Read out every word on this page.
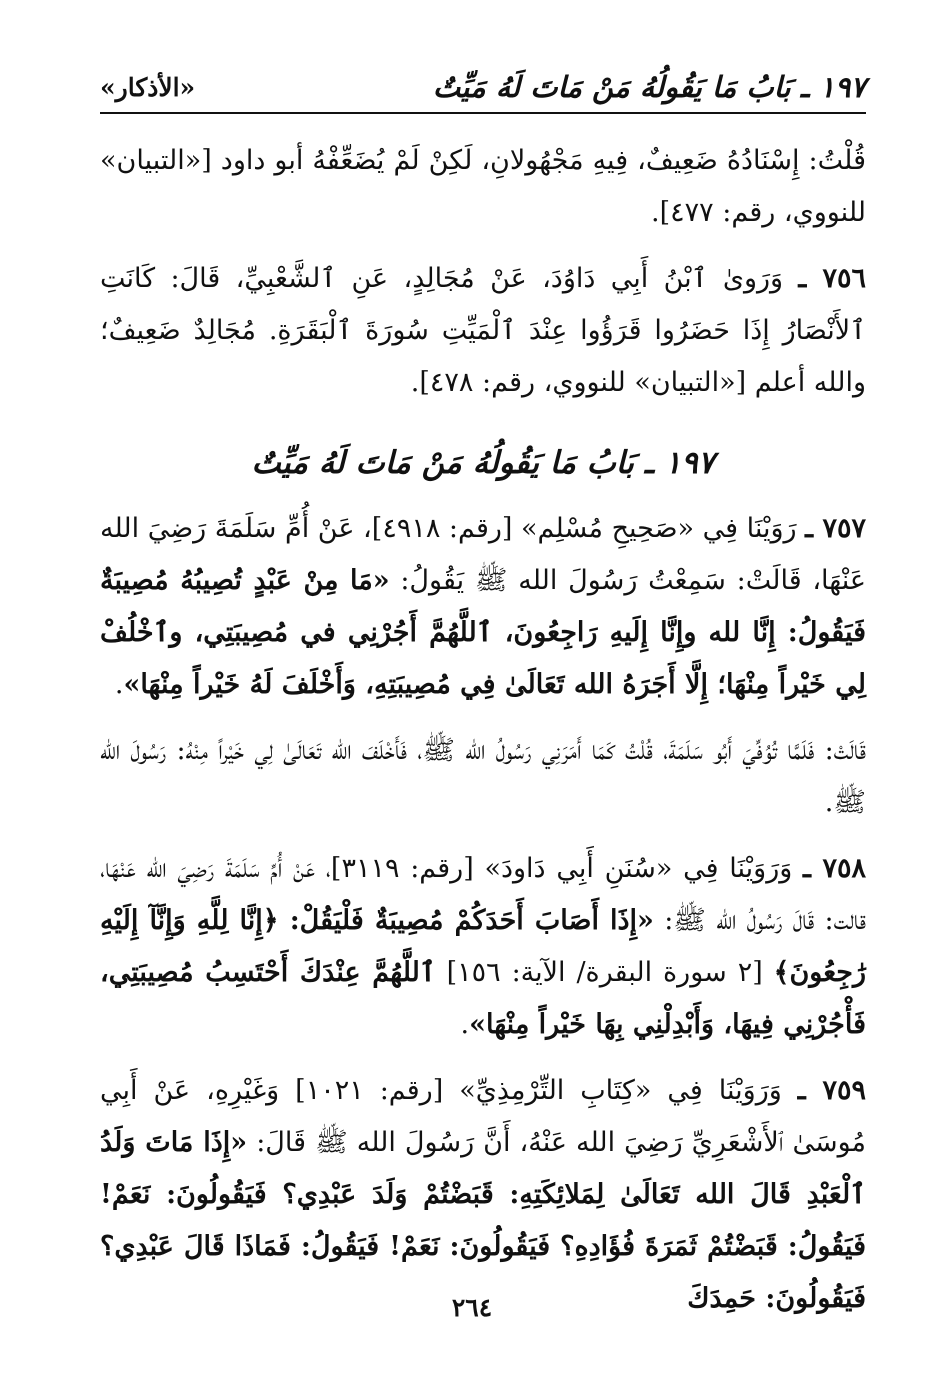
١٩٧ ـ بَابُ مَا يَقُولُهُ مَنْ مَاتَ لَهُ مَيِّتٌ
«الأذكار»

قُلْتُ: إِسْنَادُهُ ضَعِيفٌ، فِيهِ مَجْهُولانِ، لَكِنْ لَمْ يُضَعِّفْهُ أبو داود [«التبيان» للنووي، رقم: ٤٧٧].

٧٥٦ ـ وَرَوىٰ ٱبْنُ أَبِي دَاوُدَ، عَنْ مُجَالِدٍ، عَنِ ٱلشَّعْبِيِّ، قَالَ: كَانَتِ ٱلأَنْصَارُ إِذَا حَضَرُوا قَرَؤُوا عِنْدَ ٱلْمَيِّتِ سُورَةَ ٱلْبَقَرَةِ. مُجَالِدٌ ضَعِيفٌ؛ والله أعلم [«التبيان» للنووي، رقم: ٤٧٨].

١٩٧ ـ بَابُ مَا يَقُولُهُ مَنْ مَاتَ لَهُ مَيِّتٌ

٧٥٧ ـ رَوَيْنَا فِي «صَحِيحِ مُسْلِم» [رقم: ٤٩١٨]، عَنْ أُمِّ سَلَمَةَ رَضِيَ الله عَنْهَا، قَالَتْ: سَمِعْتُ رَسُولَ الله ﷺ يَقُولُ: «مَا مِنْ عَبْدٍ تُصِيبُهُ مُصِيبَةٌ فَيَقُولُ: إِنَّا لله وإِنَّا إِلَيهِ رَاجِعُونَ، ٱللَّهُمَّ أَجُرْنِي في مُصِيبَتِي، وٱخْلُفْ لِي خَيْراً مِنْهَا؛ إِلَّا أَجَرَهُ الله تَعَالَىٰ فِي مُصِيبَتِهِ، وَأَخْلَفَ لَهُ خَيْراً مِنْهَا».

قَالَتْ: فَلَمَّا تُوُفِّيَ أَبُو سَلَمَةَ، قُلْتُ كَمَا أَمَرَنِي رَسُولُ الله ﷺ، فَأَخْلَفَ الله تَعَالَىٰ لِي خَيْراً مِنْهُ: رَسُولَ الله ﷺ.

٧٥٨ ـ وَرَوَيْنَا فِي «سُنَنِ أَبِي دَاودَ» [رقم: ٣١١٩]، عَنْ أُمِّ سَلَمَةَ رَضِيَ الله عَنْهَا، قالت: قَالَ رَسُولُ الله ﷺ: «إِذَا أَصَابَ أَحَدَكُمْ مُصِيبَةٌ فَلْيَقُلْ: ﴿إِنَّا لِلَّهِ وَإِنَّآ إِلَيْهِ رَٰجِعُونَ﴾ [٢ سورة البقرة/ الآية: ١٥٦] ٱللَّهُمَّ عِنْدَكَ أَحْتَسِبُ مُصِيبَتِي، فَأْجُرْنِي فِيهَا، وَأَبْدِلْنِي بِهَا خَيْراً مِنْهَا».

٧٥٩ ـ وَرَوَيْنَا فِي «كِتَابِ التِّرْمِذِيِّ» [رقم: ١٠٢١] وَغَيْرِهِ، عَنْ أَبِي مُوسَىٰ ٱلأَشْعَرِيِّ رَضِيَ الله عَنْهُ، أَنَّ رَسُولَ الله ﷺ قَالَ: «إِذَا مَاتَ وَلَدُ ٱلْعَبْدِ قَالَ الله تَعَالَىٰ لِمَلائِكَتِهِ: قَبَضْتُمْ وَلَدَ عَبْدِي؟ فَيَقُولُونَ: نَعَمْ! فَيَقُولُ: قَبَضْتُمْ ثَمَرَةَ فُؤَادِهِ؟ فَيَقُولُونَ: نَعَمْ! فَيَقُولُ: فَمَاذَا قَالَ عَبْدِي؟ فَيَقُولُونَ: حَمِدَكَ

٢٦٤
